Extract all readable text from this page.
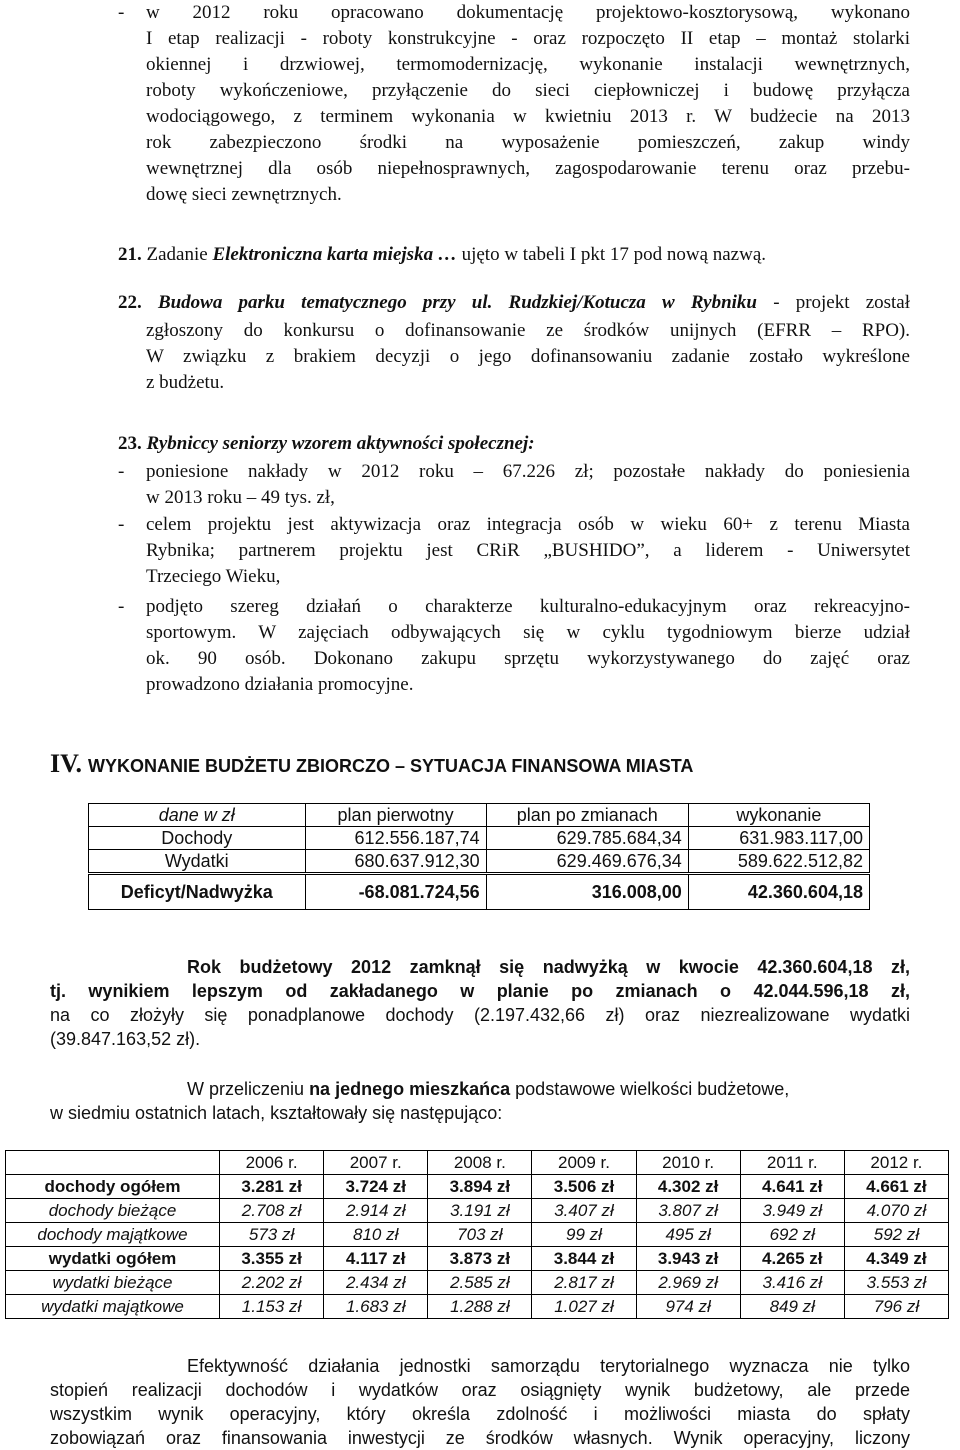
- w 2012 roku opracowano dokumentację projektowo-kosztorysową, wykonano
I etap realizacji - roboty konstrukcyjne - oraz rozpoczęto II etap – montaż stolarki
okiennej i drzwiowej, termomodernizację, wykonanie instalacji wewnętrznych,
roboty wykończeniowe, przyłączenie do sieci ciepłowniczej i budowę przyłącza
wodociągowego, z terminem wykonania w kwietniu 2013 r. W budżecie na 2013
rok zabezpieczono środki na wyposażenie pomieszczeń, zakup windy
wewnętrznej dla osób niepełnosprawnych, zagospodarowanie terenu oraz przebu-
dowę sieci zewnętrznych.
21. Zadanie Elektroniczna karta miejska … ujęto w tabeli I pkt 17 pod nową nazwą.
22. Budowa parku tematycznego przy ul. Rudzkiej/Kotucza w Rybniku - projekt został
zgłoszony do konkursu o dofinansowanie ze środków unijnych (EFRR – RPO).
W związku z brakiem decyzji o jego dofinansowaniu zadanie zostało wykreślone
z budżetu.
23. Rybniccy seniorzy wzorem aktywności społecznej:
- poniesione nakłady w 2012 roku – 67.226 zł; pozostałe nakłady do poniesienia
w 2013 roku – 49 tys. zł,
- celem projektu jest aktywizacja oraz integracja osób w wieku 60+ z terenu Miasta
Rybnika; partnerem projektu jest CRiR „BUSHIDO”, a liderem - Uniwersytet
Trzeciego Wieku,
- podjęto szereg działań o charakterze kulturalno-edukacyjnym oraz rekreacyjno-
sportowym. W zajęciach odbywających się w cyklu tygodniowym bierze udział
ok. 90 osób. Dokonano zakupu sprzętu wykorzystywanego do zajęć oraz
prowadzono działania promocyjne.
IV. WYKONANIE BUDŻETU ZBIORCZO – SYTUACJA FINANSOWA MIASTA
dane w zł	plan pierwotny	plan po zmianach	wykonanie
Dochody	612.556.187,74	629.785.684,34	631.983.117,00
Wydatki	680.637.912,30	629.469.676,34	589.622.512,82
Deficyt/Nadwyżka	-68.081.724,56	316.008,00	42.360.604,18
Rok budżetowy 2012 zamknął się nadwyżką w kwocie 42.360.604,18 zł,
tj. wynikiem lepszym od zakładanego w planie po zmianach o 42.044.596,18 zł,
na co złożyły się ponadplanowe dochody (2.197.432,66 zł) oraz niezrealizowane wydatki
(39.847.163,52 zł).
W przeliczeniu na jednego mieszkańca podstawowe wielkości budżetowe,
w siedmiu ostatnich latach, kształtowały się następująco:
	2006 r.	2007 r.	2008 r.	2009 r.	2010 r.	2011 r.	2012 r.
dochody ogółem	3.281 zł	3.724 zł	3.894 zł	3.506 zł	4.302 zł	4.641 zł	4.661 zł
dochody bieżące	2.708 zł	2.914 zł	3.191 zł	3.407 zł	3.807 zł	3.949 zł	4.070 zł
dochody majątkowe	573 zł	810 zł	703 zł	99 zł	495 zł	692 zł	592 zł
wydatki ogółem	3.355 zł	4.117 zł	3.873 zł	3.844 zł	3.943 zł	4.265 zł	4.349 zł
wydatki bieżące	2.202 zł	2.434 zł	2.585 zł	2.817 zł	2.969 zł	3.416 zł	3.553 zł
wydatki majątkowe	1.153 zł	1.683 zł	1.288 zł	1.027 zł	974 zł	849 zł	796 zł
Efektywność działania jednostki samorządu terytorialnego wyznacza nie tylko
stopień realizacji dochodów i wydatków oraz osiągnięty wynik budżetowy, ale przede
wszystkim wynik operacyjny, który określa zdolność i możliwości miasta do spłaty
zobowiązań oraz finansowania inwestycji ze środków własnych. Wynik operacyjny, liczony
